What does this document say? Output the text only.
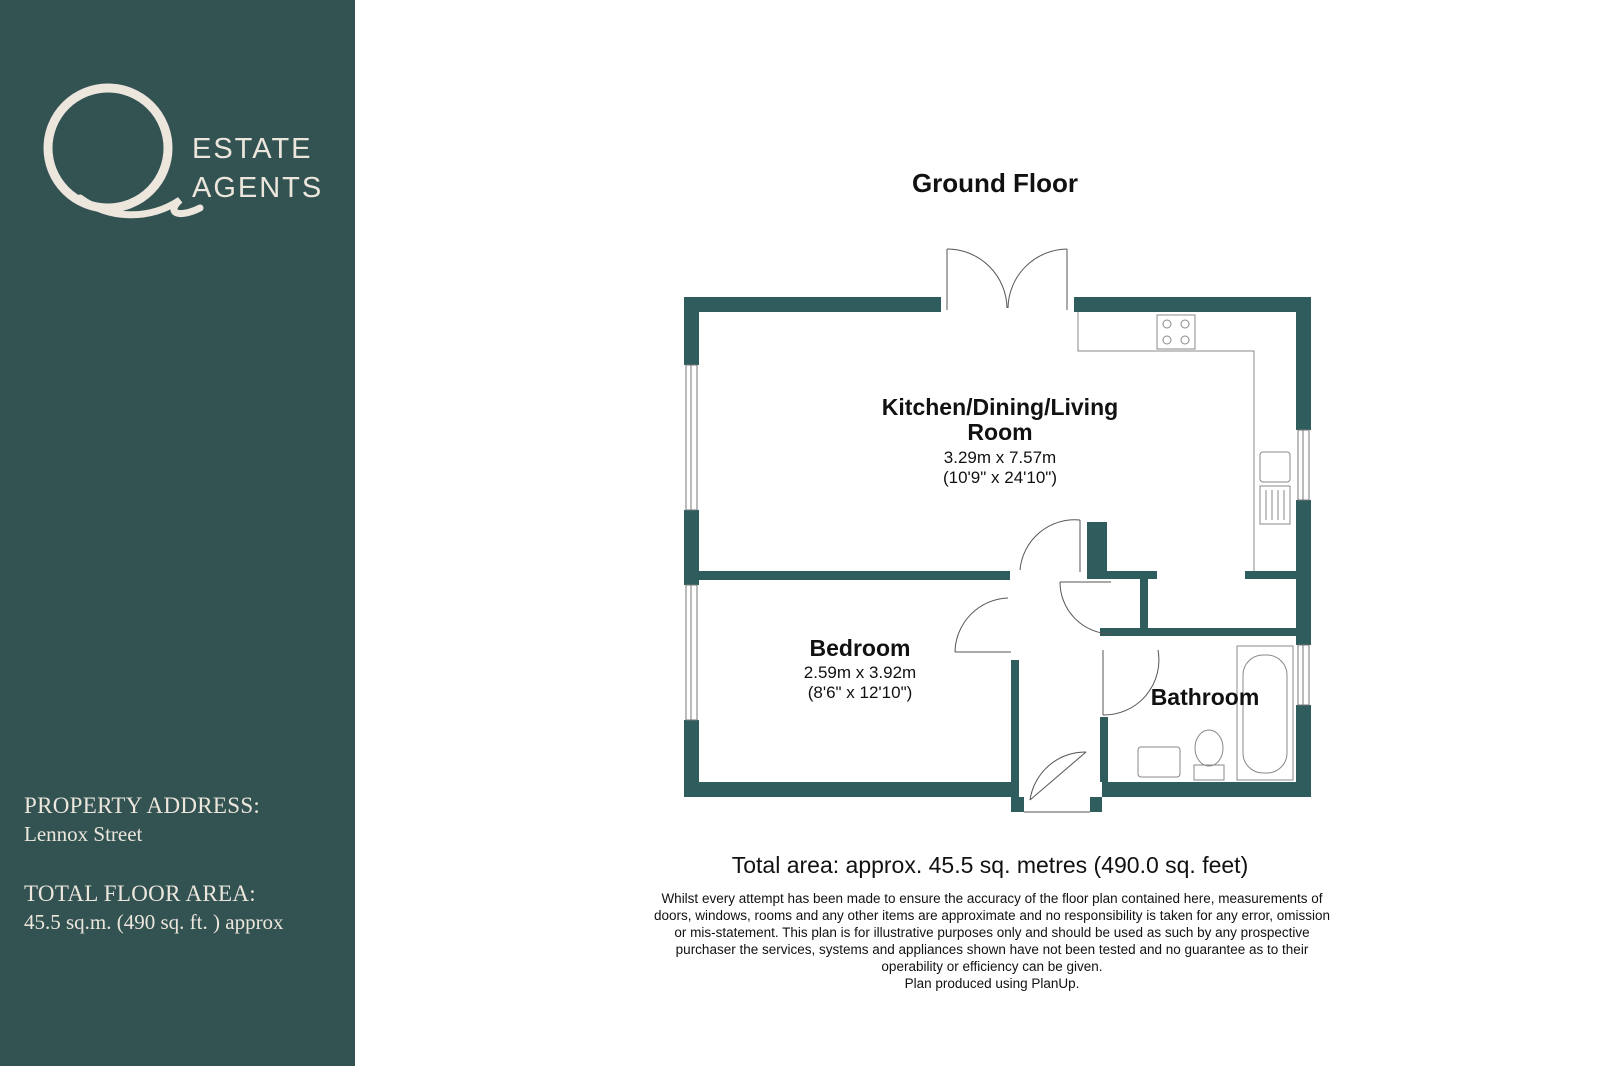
ESTATE
AGENTS
PROPERTY ADDRESS:
Lennox Street
TOTAL FLOOR AREA:
45.5 sq.m. (490 sq. ft. ) approx
Ground Floor
Kitchen/Dining/Living
Room
3.29m x 7.57m
(10'9" x 24'10")
Bedroom
2.59m x 3.92m
(8'6" x 12'10")	Bathroom
Total area: approx. 45.5 sq. metres (490.0 sq. feet)
Whilst every attempt has been made to ensure the accuracy of the floor plan contained here, measurements of
doors, windows, rooms and any other items are approximate and no responsibility is taken for any error, omission
or mis-statement. This plan is for illustrative purposes only and should be used as such by any prospective
purchaser the services, systems and appliances shown have not been tested and no guarantee as to their
operability or efficiency can be given.
Plan produced using PlanUp.
